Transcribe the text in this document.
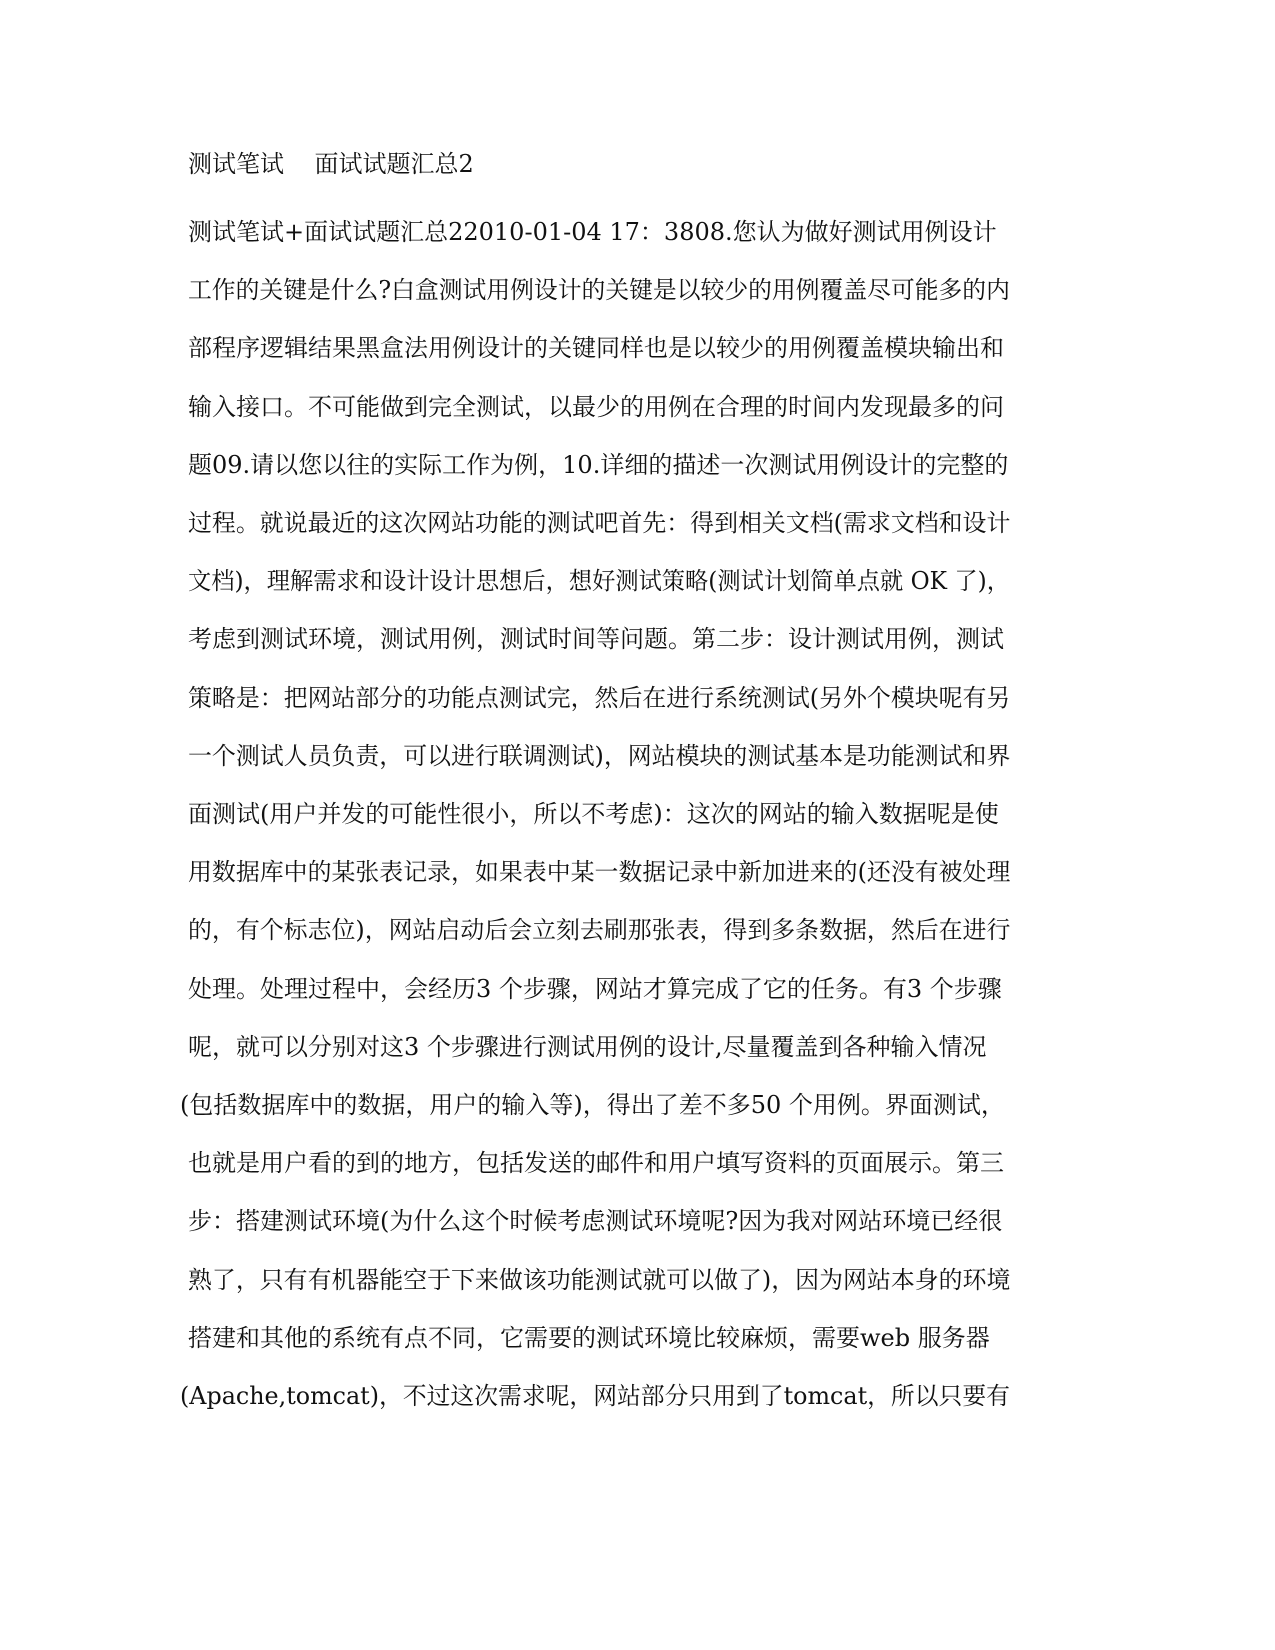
测试笔试    面试试题汇总2
测试笔试+面试试题汇总22010-01-04 17：3808.您认为做好测试用例设计
工作的关键是什么?白盒测试用例设计的关键是以较少的用例覆盖尽可能多的内
部程序逻辑结果黑盒法用例设计的关键同样也是以较少的用例覆盖模块输出和
输入接口。不可能做到完全测试，以最少的用例在合理的时间内发现最多的问
题09.请以您以往的实际工作为例，10.详细的描述一次测试用例设计的完整的
过程。就说最近的这次网站功能的测试吧首先：得到相关文档(需求文档和设计
文档)，理解需求和设计设计思想后，想好测试策略(测试计划简单点就 OK 了)，
考虑到测试环境，测试用例，测试时间等问题。第二步：设计测试用例，测试
策略是：把网站部分的功能点测试完，然后在进行系统测试(另外个模块呢有另
一个测试人员负责，可以进行联调测试)，网站模块的测试基本是功能测试和界
面测试(用户并发的可能性很小，所以不考虑)：这次的网站的输入数据呢是使
用数据库中的某张表记录，如果表中某一数据记录中新加进来的(还没有被处理
的，有个标志位)，网站启动后会立刻去刷那张表，得到多条数据，然后在进行
处理。处理过程中，会经历3 个步骤，网站才算完成了它的任务。有3 个步骤
呢，就可以分别对这3 个步骤进行测试用例的设计,尽量覆盖到各种输入情况
(包括数据库中的数据，用户的输入等)，得出了差不多50 个用例。界面测试，
也就是用户看的到的地方，包括发送的邮件和用户填写资料的页面展示。第三
步：搭建测试环境(为什么这个时候考虑测试环境呢?因为我对网站环境已经很
熟了，只有有机器能空于下来做该功能测试就可以做了)，因为网站本身的环境
搭建和其他的系统有点不同，它需要的测试环境比较麻烦，需要web 服务器
(Apache,tomcat)，不过这次需求呢，网站部分只用到了tomcat，所以只要有
